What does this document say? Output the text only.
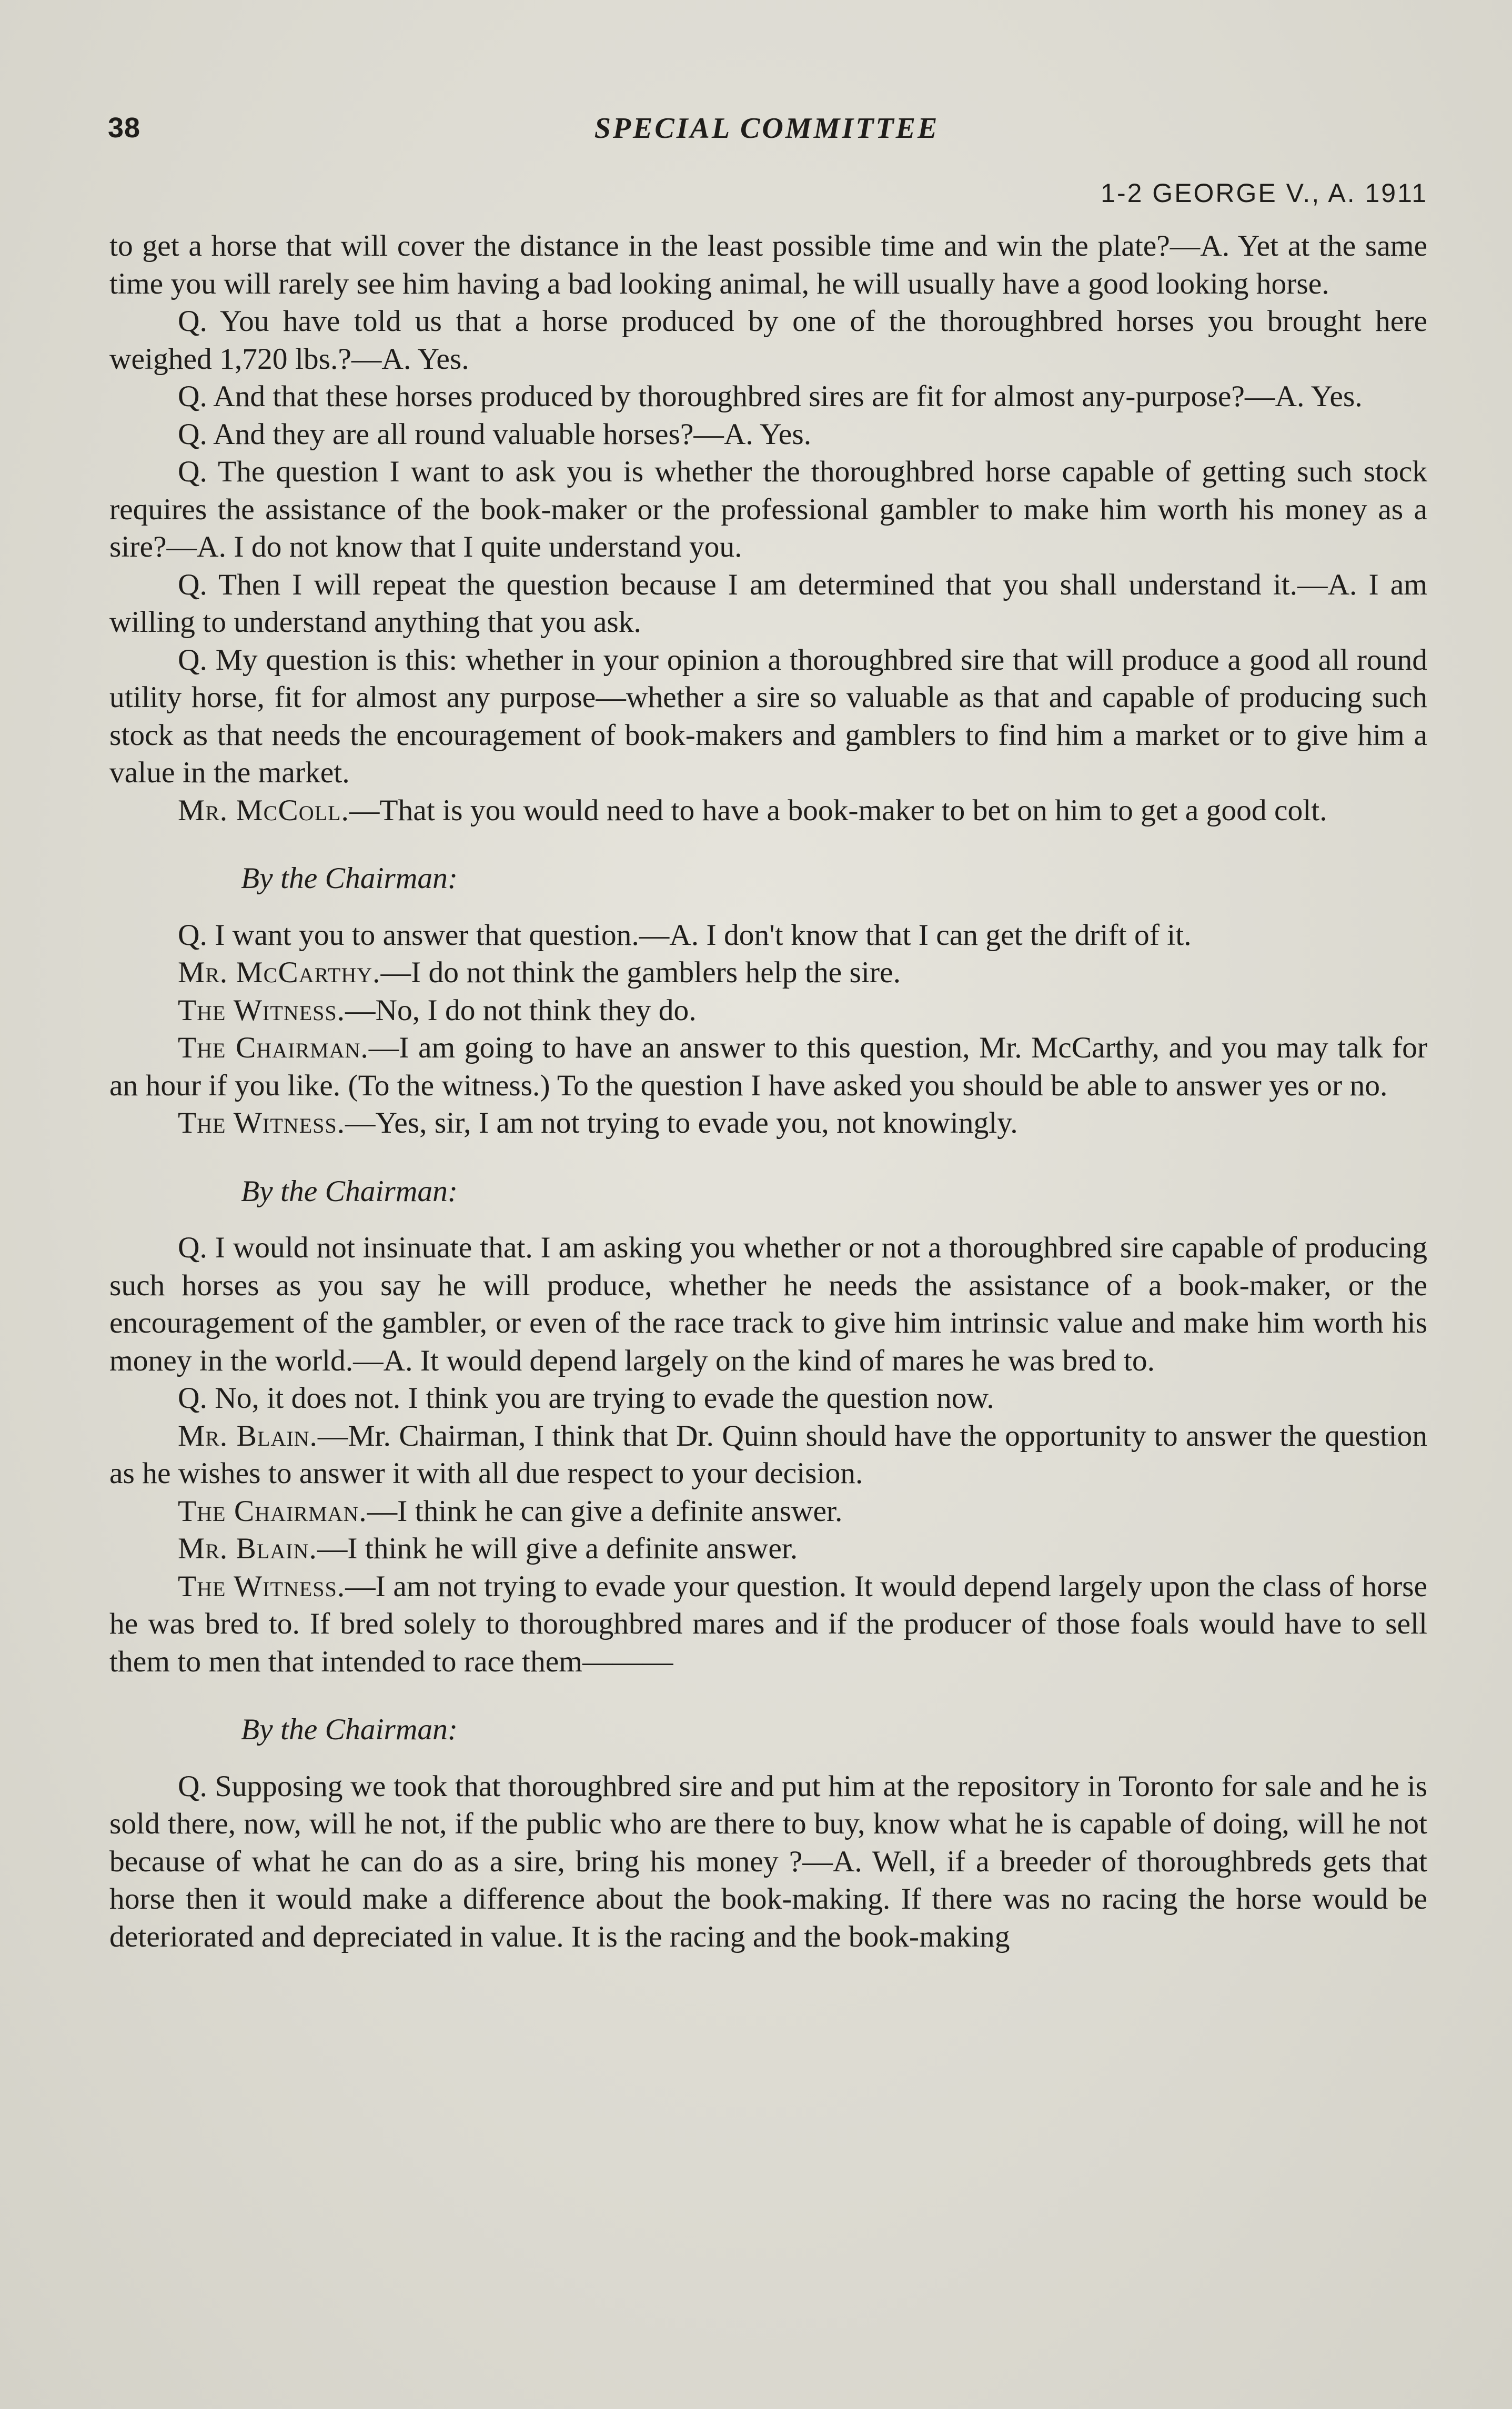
38	SPECIAL COMMITTEE
1-2 GEORGE V., A. 1911

to get a horse that will cover the distance in the least possible time and win the plate?—A. Yet at the same time you will rarely see him having a bad looking animal, he will usually have a good looking horse.

Q. You have told us that a horse produced by one of the thoroughbred horses you brought here weighed 1,720 lbs.?—A. Yes.

Q. And that these horses produced by thoroughbred sires are fit for almost any-purpose?—A. Yes.

Q. And they are all round valuable horses?—A. Yes.

Q. The question I want to ask you is whether the thoroughbred horse capable of getting such stock requires the assistance of the book-maker or the professional gambler to make him worth his money as a sire?—A. I do not know that I quite understand you.

Q. Then I will repeat the question because I am determined that you shall understand it.—A. I am willing to understand anything that you ask.

Q. My question is this: whether in your opinion a thoroughbred sire that will produce a good all round utility horse, fit for almost any purpose—whether a sire so valuable as that and capable of producing such stock as that needs the encouragement of book-makers and gamblers to find him a market or to give him a value in the market.

Mr. McColl.—That is you would need to have a book-maker to bet on him to get a good colt.

By the Chairman:

Q. I want you to answer that question.—A. I don't know that I can get the drift of it.

Mr. McCarthy.—I do not think the gamblers help the sire.

The Witness.—No, I do not think they do.

The Chairman.—I am going to have an answer to this question, Mr. McCarthy, and you may talk for an hour if you like. (To the witness.) To the question I have asked you should be able to answer yes or no.

The Witness.—Yes, sir, I am not trying to evade you, not knowingly.

By the Chairman:

Q. I would not insinuate that. I am asking you whether or not a thoroughbred sire capable of producing such horses as you say he will produce, whether he needs the assistance of a book-maker, or the encouragement of the gambler, or even of the race track to give him intrinsic value and make him worth his money in the world.—A. It would depend largely on the kind of mares he was bred to.

Q. No, it does not. I think you are trying to evade the question now.

Mr. Blain.—Mr. Chairman, I think that Dr. Quinn should have the opportunity to answer the question as he wishes to answer it with all due respect to your decision.

The Chairman.—I think he can give a definite answer.

Mr. Blain.—I think he will give a definite answer.

The Witness.—I am not trying to evade your question. It would depend largely upon the class of horse he was bred to. If bred solely to thoroughbred mares and if the producer of those foals would have to sell them to men that intended to race them———

By the Chairman:

Q. Supposing we took that thoroughbred sire and put him at the repository in Toronto for sale and he is sold there, now, will he not, if the public who are there to buy, know what he is capable of doing, will he not because of what he can do as a sire, bring his money ?—A. Well, if a breeder of thoroughbreds gets that horse then it would make a difference about the book-making. If there was no racing the horse would be deteriorated and depreciated in value. It is the racing and the book-making
